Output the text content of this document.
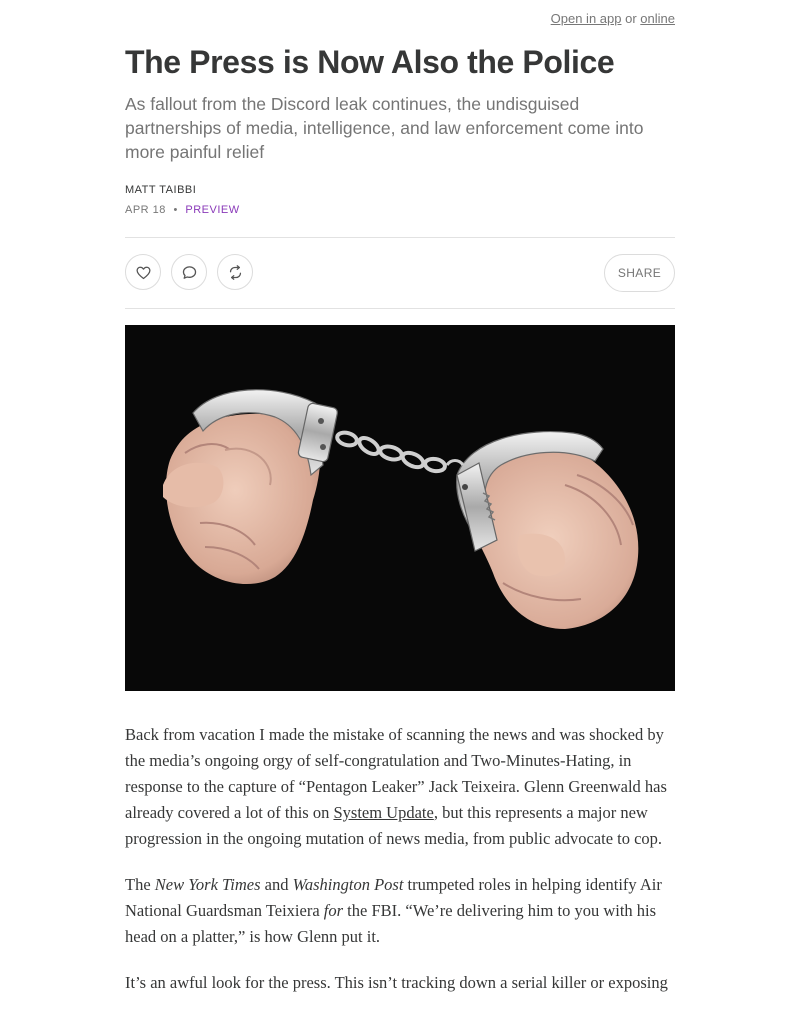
Open in app or online
The Press is Now Also the Police

As fallout from the Discord leak continues, the undisguised partnerships of media, intelligence, and law enforcement come into more painful relief

MATT TAIBBI
APR 18 • PREVIEW
SHARE

Back from vacation I made the mistake of scanning the news and was shocked by the media’s ongoing orgy of self-congratulation and Two-Minutes-Hating, in response to the capture of “Pentagon Leaker” Jack Teixeira. Glenn Greenwald has already covered a lot of this on System Update, but this represents a major new progression in the ongoing mutation of news media, from public advocate to cop.

The New York Times and Washington Post trumpeted roles in helping identify Air National Guardsman Teixiera for the FBI. “We’re delivering him to you with his head on a platter,” is how Glenn put it.

It’s an awful look for the press. This isn’t tracking down a serial killer or exposing
